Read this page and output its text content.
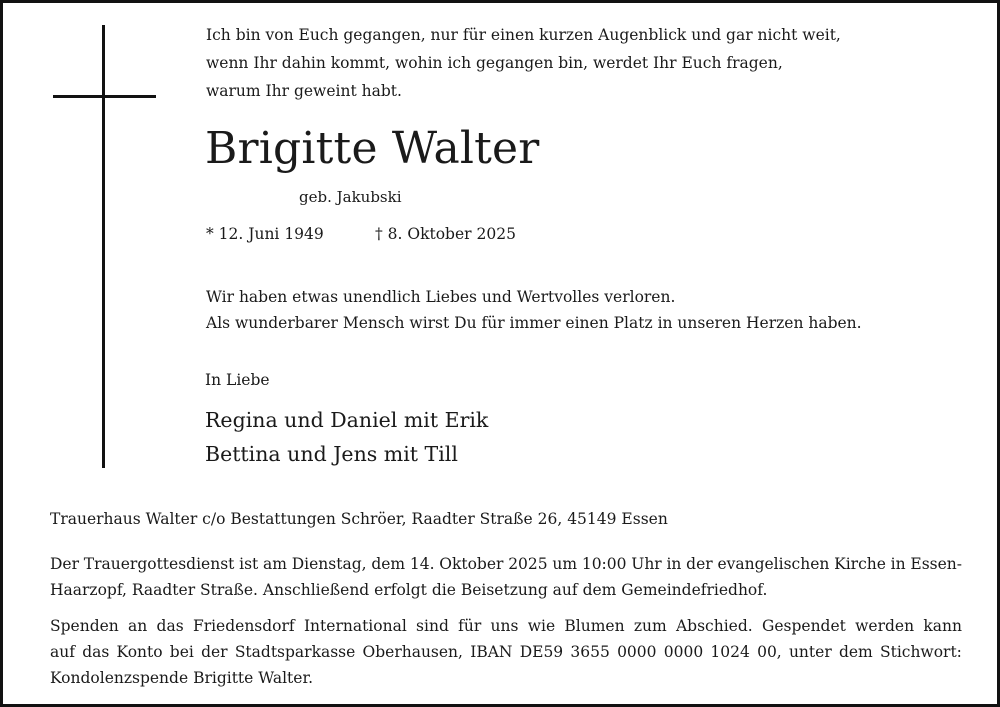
Ich bin von Euch gegangen, nur für einen kurzen Augenblick und gar nicht weit,
wenn Ihr dahin kommt, wohin ich gegangen bin, werdet Ihr Euch fragen,
warum Ihr geweint habt.
Brigitte Walter
geb. Jakubski
* 12. Juni 1949	† 8. Oktober 2025
Wir haben etwas unendlich Liebes und Wertvolles verloren.
Als wunderbarer Mensch wirst Du für immer einen Platz in unseren Herzen haben.
In Liebe
Regina und Daniel mit Erik
Bettina und Jens mit Till
Trauerhaus Walter c/o Bestattungen Schröer, Raadter Straße 26, 45149 Essen
Der Trauergottesdienst ist am Dienstag, dem 14. Oktober 2025 um 10:00 Uhr in der evangelischen Kirche in Essen-
Haarzopf, Raadter Straße. Anschließend erfolgt die Beisetzung auf dem Gemeindefriedhof.
Spenden an das Friedensdorf International sind für uns wie Blumen zum Abschied. Gespendet werden kann
auf das Konto bei der Stadtsparkasse Oberhausen, IBAN DE59 3655 0000 0000 1024 00, unter dem Stichwort:
Kondolenzspende Brigitte Walter.
